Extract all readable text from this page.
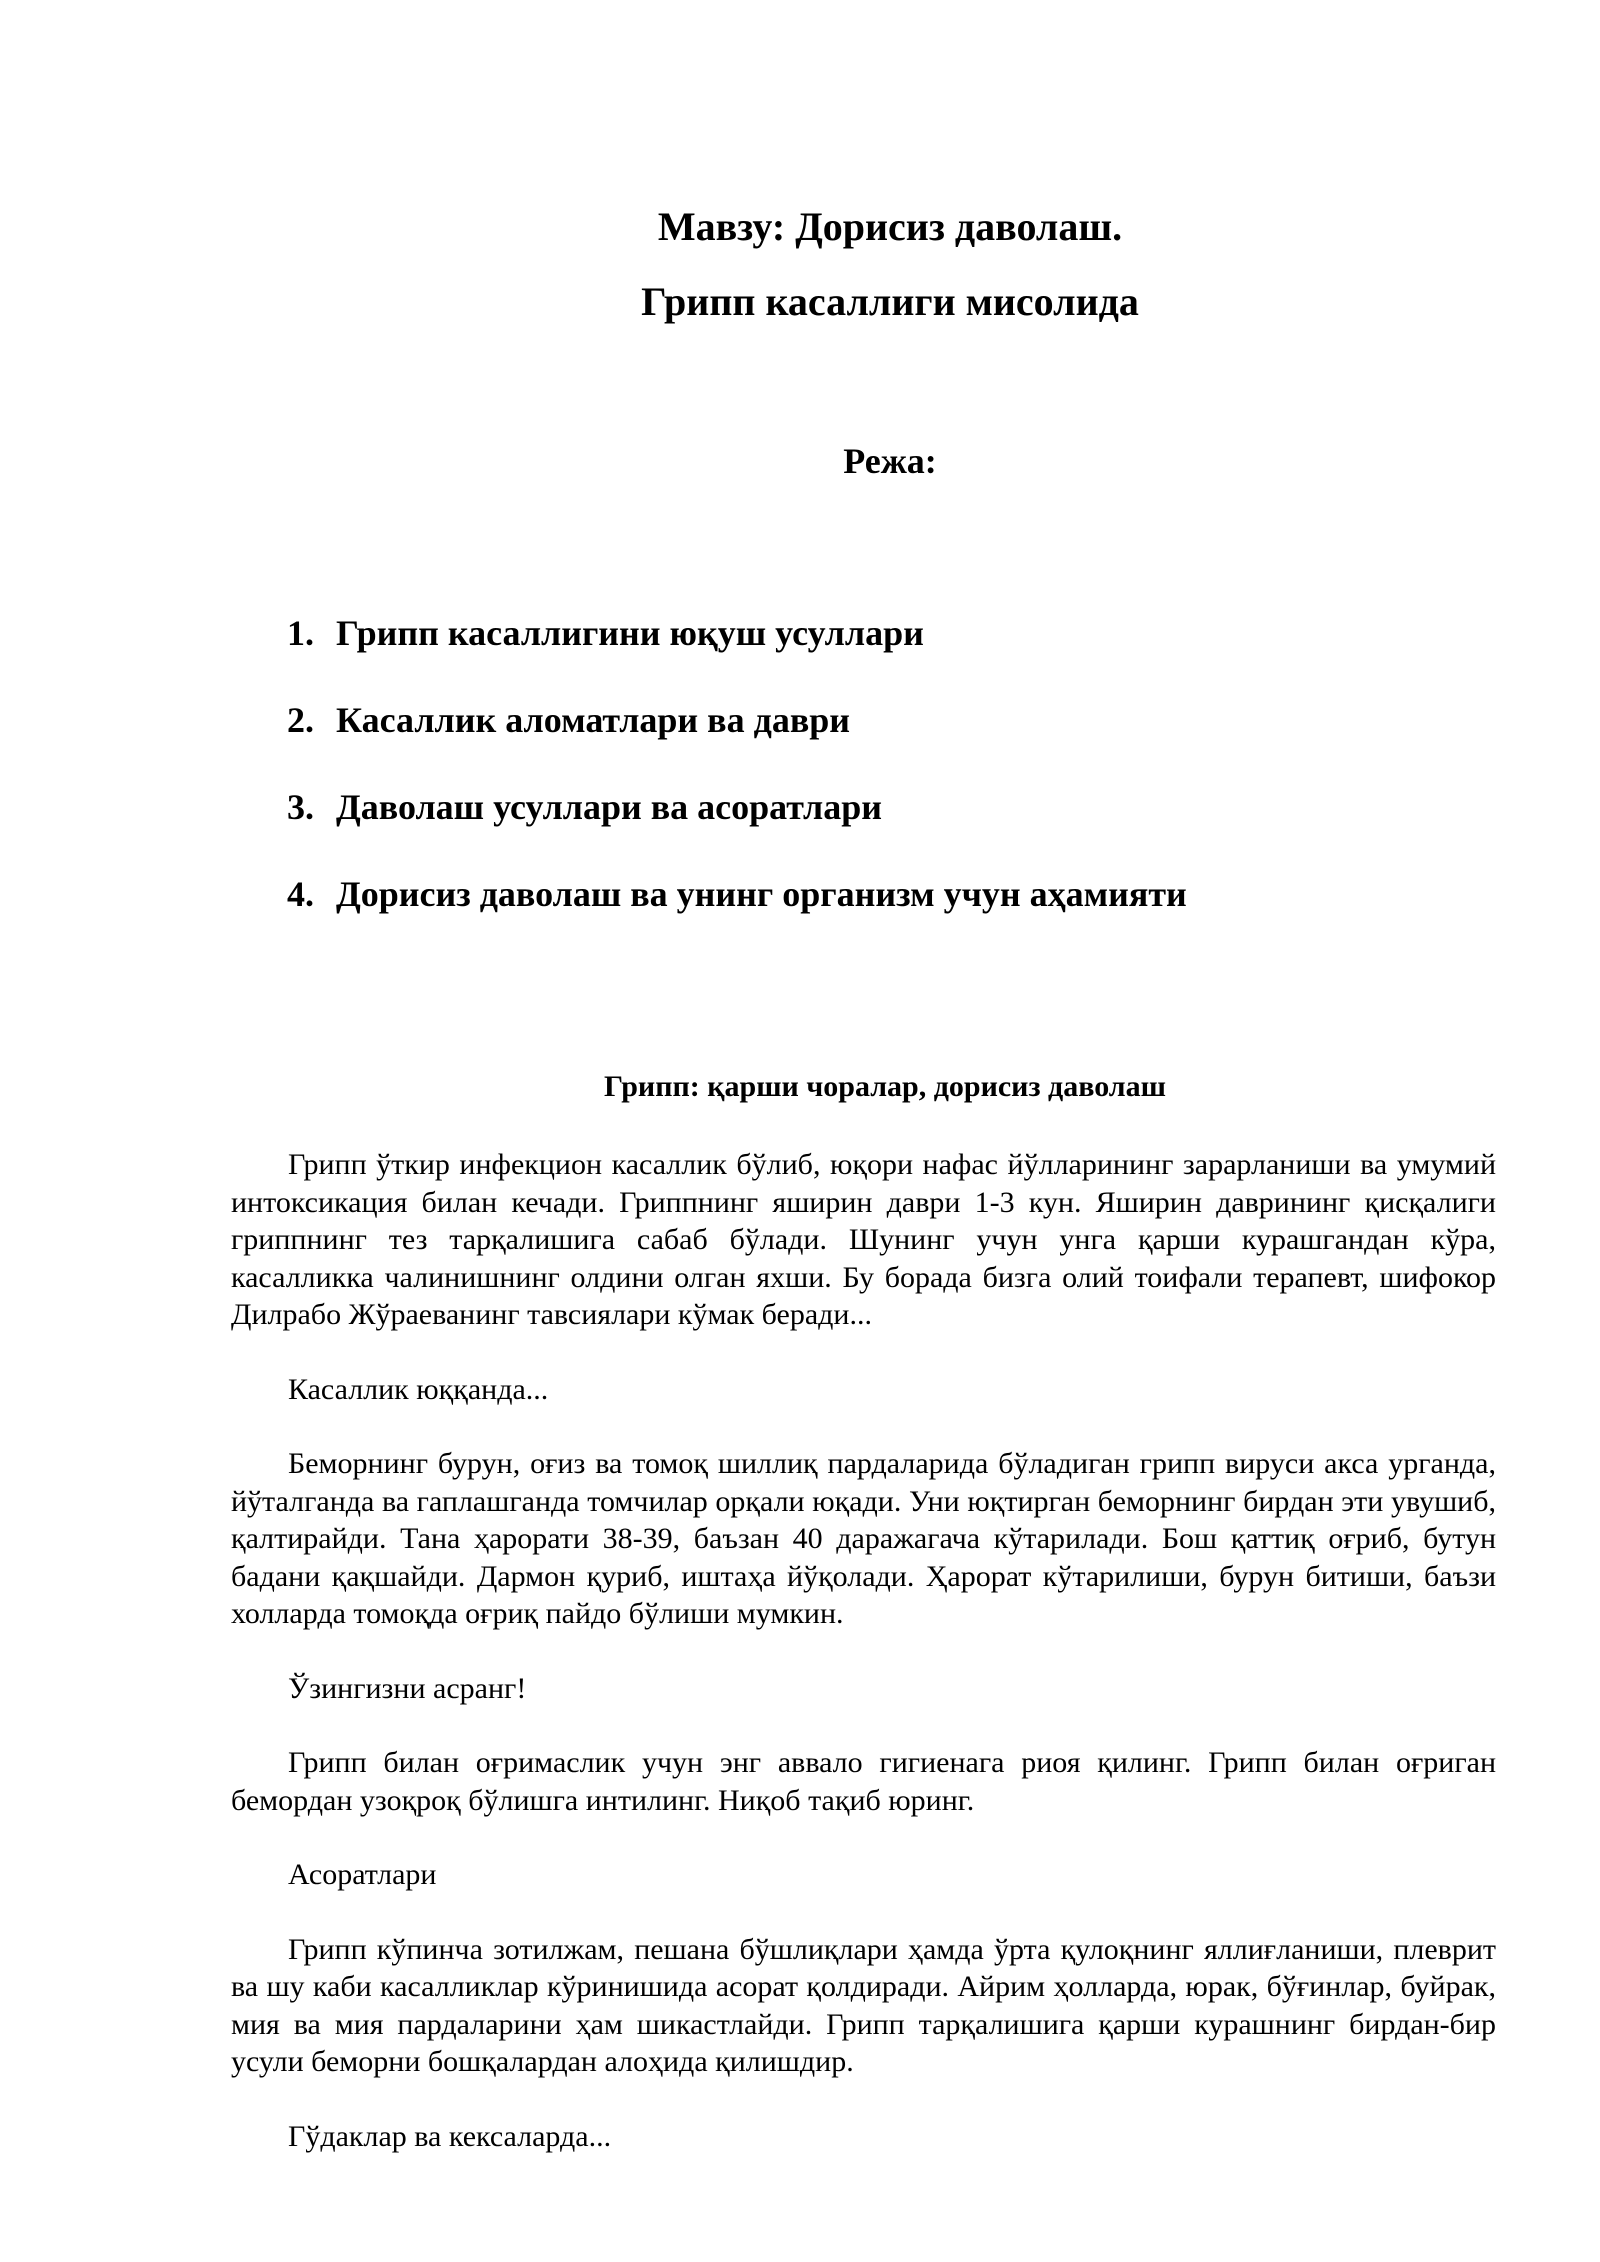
Мавзу: Дорисиз даволаш.
Грипп касаллиги мисолида
Режа:
1. Грипп касаллигини юқуш усуллари
2. Касаллик аломатлари ва даври
3. Даволаш усуллари ва асоратлари
4. Дорисиз даволаш ва унинг организм учун аҳамияти
Грипп: қарши чоралар, дорисиз даволаш

Грипп ўткир инфекцион касаллик бўлиб, юқори нафас йўлларининг зарарланиши ва умумий интоксикация билан кечади. Гриппнинг яширин даври 1-3 кун. Яширин даврининг қисқалиги гриппнинг тез тарқалишига сабаб бўлади. Шунинг учун унга қарши курашгандан кўра, касалликка чалинишнинг олдини олган яхши. Бу борада бизга олий тоифали терапевт, шифокор Дилрабо Жўраеванинг тавсиялари кўмак беради...

Касаллик юққанда...

Беморнинг бурун, оғиз ва томоқ шиллиқ пардаларида бўладиган грипп вируси акса урганда, йўталганда ва гаплашганда томчилар орқали юқади. Уни юқтирган беморнинг бирдан эти увушиб, қалтирайди. Тана ҳарорати 38-39, баъзан 40 даражагача кўтарилади. Бош қаттиқ оғриб, бутун бадани қақшайди. Дармон қуриб, иштаҳа йўқолади. Ҳарорат кўтарилиши, бурун битиши, баъзи холларда томоқда оғриқ пайдо бўлиши мумкин.

Ўзингизни асранг!

Грипп билан оғримаслик учун энг аввало гигиенага риоя қилинг. Грипп билан оғриган бемордан узоқроқ бўлишга интилинг. Ниқоб тақиб юринг.

Асоратлари

Грипп кўпинча зотилжам, пешана бўшлиқлари ҳамда ўрта қулоқнинг яллиғланиши, плеврит ва шу каби касалликлар кўринишида асорат қолдиради. Айрим ҳолларда, юрак, бўғинлар, буйрак, мия ва мия пардаларини ҳам шикастлайди. Грипп тарқалишига қарши курашнинг бирдан-бир усули беморни бошқалардан алоҳида қилишдир.

Гўдаклар ва кексаларда...
